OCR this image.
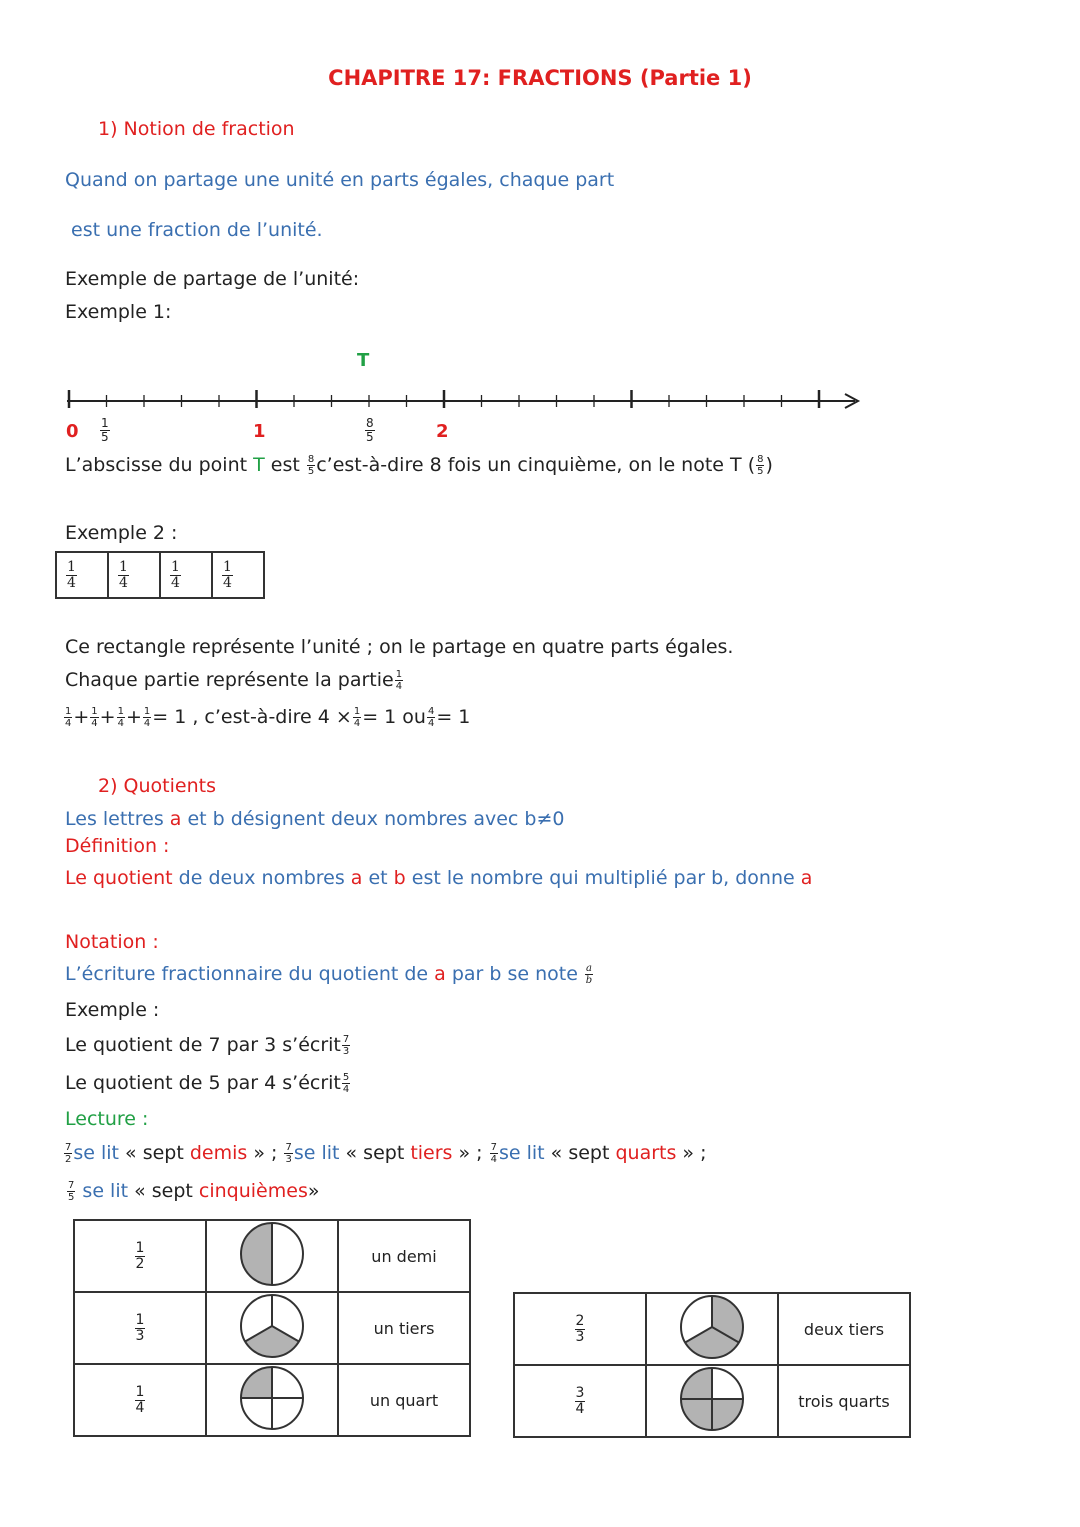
CHAPITRE 17: FRACTIONS (Partie 1)
1) Notion de fraction
Quand on partage une unité en parts égales, chaque part
est une fraction de l’unité.
Exemple de partage de l’unité:
Exemple 1:
T
$0 \frac{1}{5}$	1	$\frac{8}{5}$	2
L’abscisse du point T est $\frac{8}{5}$ c’est-à-dire 8 fois un cinquième, on le note T ( $\frac{8}{5}$ )
Exemple 2 :
$\frac{1}{4}$	$\frac{1}{4}$	$\frac{1}{4}$	$\frac{1}{4}$
Ce rectangle représente l’unité ; on le partage en quatre parts égales.
Chaque partie représente la partie $\frac{1}{4}$
$\frac{1}{4} + \frac{1}{4} + \frac{1}{4} + \frac{1}{4} = 1$ , c’est-à-dire $4 \times \frac{1}{4} = 1$ ou $\frac{4}{4} = 1$
2) Quotients
Les lettres a et b désignent deux nombres avec b≠0
Définition :
Le quotient de deux nombres a et b est le nombre qui multiplié par b, donne a
Notation :
L’écriture fractionnaire du quotient de a par b se note $\frac{a}{b}$
Exemple :
Le quotient de 7 par 3 s’écrit $\frac{7}{3}$
Le quotient de 5 par 4 s’écrit $\frac{5}{4}$
Lecture :
$\frac{7}{2}$ se lit « sept demis » ; $\frac{7}{3}$ se lit « sept tiers » ; $\frac{7}{4}$ se lit « sept quarts » ;
$\frac{7}{5}$ se lit « sept cinquièmes»
$\frac{1}{2}$		un demi

$\frac{1}{3}$		un tiers

$\frac{1}{4}$		un quart
$\frac{2}{3}$		deux tiers

$\frac{3}{4}$		trois quarts
